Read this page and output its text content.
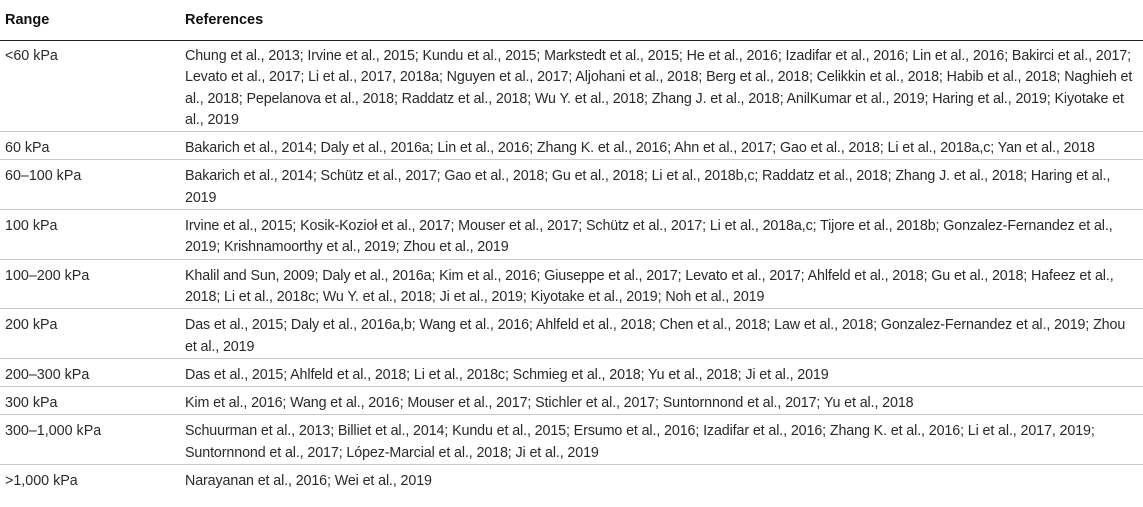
Range	References
<60 kPa	Chung et al., 2013; Irvine et al., 2015; Kundu et al., 2015; Markstedt et al., 2015; He et al., 2016; Izadifar et al., 2016; Lin et al., 2016; Bakirci et al., 2017; Levato et al., 2017; Li et al., 2017, 2018a; Nguyen et al., 2017; Aljohani et al., 2018; Berg et al., 2018; Celikkin et al., 2018; Habib et al., 2018; Naghieh et al., 2018; Pepelanova et al., 2018; Raddatz et al., 2018; Wu Y. et al., 2018; Zhang J. et al., 2018; AnilKumar et al., 2019; Haring et al., 2019; Kiyotake et al., 2019
60 kPa	Bakarich et al., 2014; Daly et al., 2016a; Lin et al., 2016; Zhang K. et al., 2016; Ahn et al., 2017; Gao et al., 2018; Li et al., 2018a,c; Yan et al., 2018
60–100 kPa	Bakarich et al., 2014; Schütz et al., 2017; Gao et al., 2018; Gu et al., 2018; Li et al., 2018b,c; Raddatz et al., 2018; Zhang J. et al., 2018; Haring et al., 2019
100 kPa	Irvine et al., 2015; Kosik-Kozioł et al., 2017; Mouser et al., 2017; Schütz et al., 2017; Li et al., 2018a,c; Tijore et al., 2018b; Gonzalez-Fernandez et al., 2019; Krishnamoorthy et al., 2019; Zhou et al., 2019
100–200 kPa	Khalil and Sun, 2009; Daly et al., 2016a; Kim et al., 2016; Giuseppe et al., 2017; Levato et al., 2017; Ahlfeld et al., 2018; Gu et al., 2018; Hafeez et al., 2018; Li et al., 2018c; Wu Y. et al., 2018; Ji et al., 2019; Kiyotake et al., 2019; Noh et al., 2019
200 kPa	Das et al., 2015; Daly et al., 2016a,b; Wang et al., 2016; Ahlfeld et al., 2018; Chen et al., 2018; Law et al., 2018; Gonzalez-Fernandez et al., 2019; Zhou et al., 2019
200–300 kPa	Das et al., 2015; Ahlfeld et al., 2018; Li et al., 2018c; Schmieg et al., 2018; Yu et al., 2018; Ji et al., 2019
300 kPa	Kim et al., 2016; Wang et al., 2016; Mouser et al., 2017; Stichler et al., 2017; Suntornnond et al., 2017; Yu et al., 2018
300–1,000 kPa	Schuurman et al., 2013; Billiet et al., 2014; Kundu et al., 2015; Ersumo et al., 2016; Izadifar et al., 2016; Zhang K. et al., 2016; Li et al., 2017, 2019; Suntornnond et al., 2017; López-Marcial et al., 2018; Ji et al., 2019
>1,000 kPa	Narayanan et al., 2016; Wei et al., 2019
